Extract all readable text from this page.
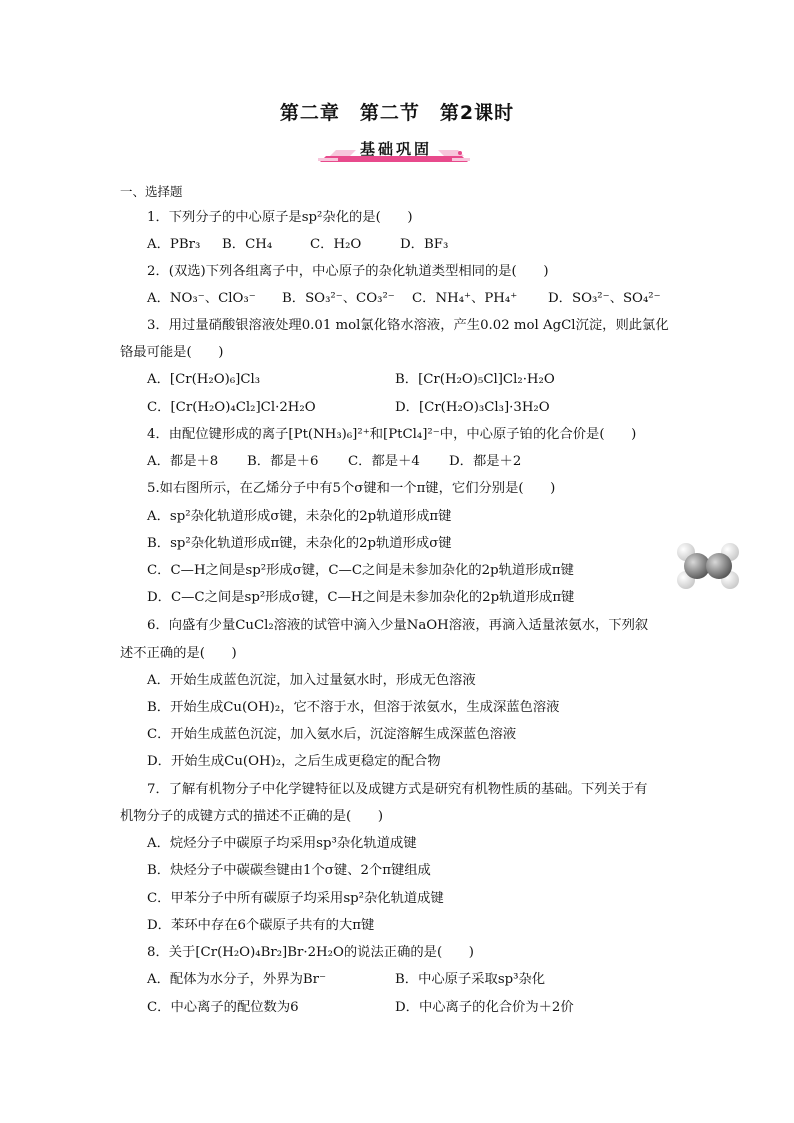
第二章　第二节　第2课时
基础巩固
一、选择题
1．下列分子的中心原子是sp²杂化的是(　　)
A．PBr₃ B．CH₄	C．H₂O	D．BF₃
2．(双选)下列各组离子中，中心原子的杂化轨道类型相同的是(　　)
A．NO₃⁻、ClO₃⁻ B．SO₃²⁻、CO₃²⁻ C．NH₄⁺、PH₄⁺ D．SO₃²⁻、SO₄²⁻
3．用过量硝酸银溶液处理0.01 mol氯化铬水溶液，产生0.02 mol AgCl沉淀，则此氯化
铬最可能是(　　)
A．[Cr(H₂O)₆]Cl₃	B．[Cr(H₂O)₅Cl]Cl₂·H₂O
C．[Cr(H₂O)₄Cl₂]Cl·2H₂O	D．[Cr(H₂O)₃Cl₃]·3H₂O
4．由配位键形成的离子[Pt(NH₃)₆]²⁺和[PtCl₄]²⁻中，中心原子铂的化合价是(　　)
A．都是＋8 B．都是＋6 C．都是＋4 D．都是＋2
5.如右图所示，在乙烯分子中有5个σ键和一个π键，它们分别是(　　)
A．sp²杂化轨道形成σ键，未杂化的2p轨道形成π键
B．sp²杂化轨道形成π键，未杂化的2p轨道形成σ键
C．C—H之间是sp²形成σ键，C—C之间是未参加杂化的2p轨道形成π键
D．C—C之间是sp²形成σ键，C—H之间是未参加杂化的2p轨道形成π键
6．向盛有少量CuCl₂溶液的试管中滴入少量NaOH溶液，再滴入适量浓氨水，下列叙
述不正确的是(　　)
A．开始生成蓝色沉淀，加入过量氨水时，形成无色溶液
B．开始生成Cu(OH)₂，它不溶于水，但溶于浓氨水，生成深蓝色溶液
C．开始生成蓝色沉淀，加入氨水后，沉淀溶解生成深蓝色溶液
D．开始生成Cu(OH)₂，之后生成更稳定的配合物
7．了解有机物分子中化学键特征以及成键方式是研究有机物性质的基础。下列关于有
机物分子的成键方式的描述不正确的是(　　)
A．烷烃分子中碳原子均采用sp³杂化轨道成键
B．炔烃分子中碳碳叁键由1个σ键、2个π键组成
C．甲苯分子中所有碳原子均采用sp²杂化轨道成键
D．苯环中存在6个碳原子共有的大π键
8．关于[Cr(H₂O)₄Br₂]Br·2H₂O的说法正确的是(　　)
A．配体为水分子，外界为Br⁻	B．中心原子采取sp³杂化
C．中心离子的配位数为6	D．中心离子的化合价为＋2价
